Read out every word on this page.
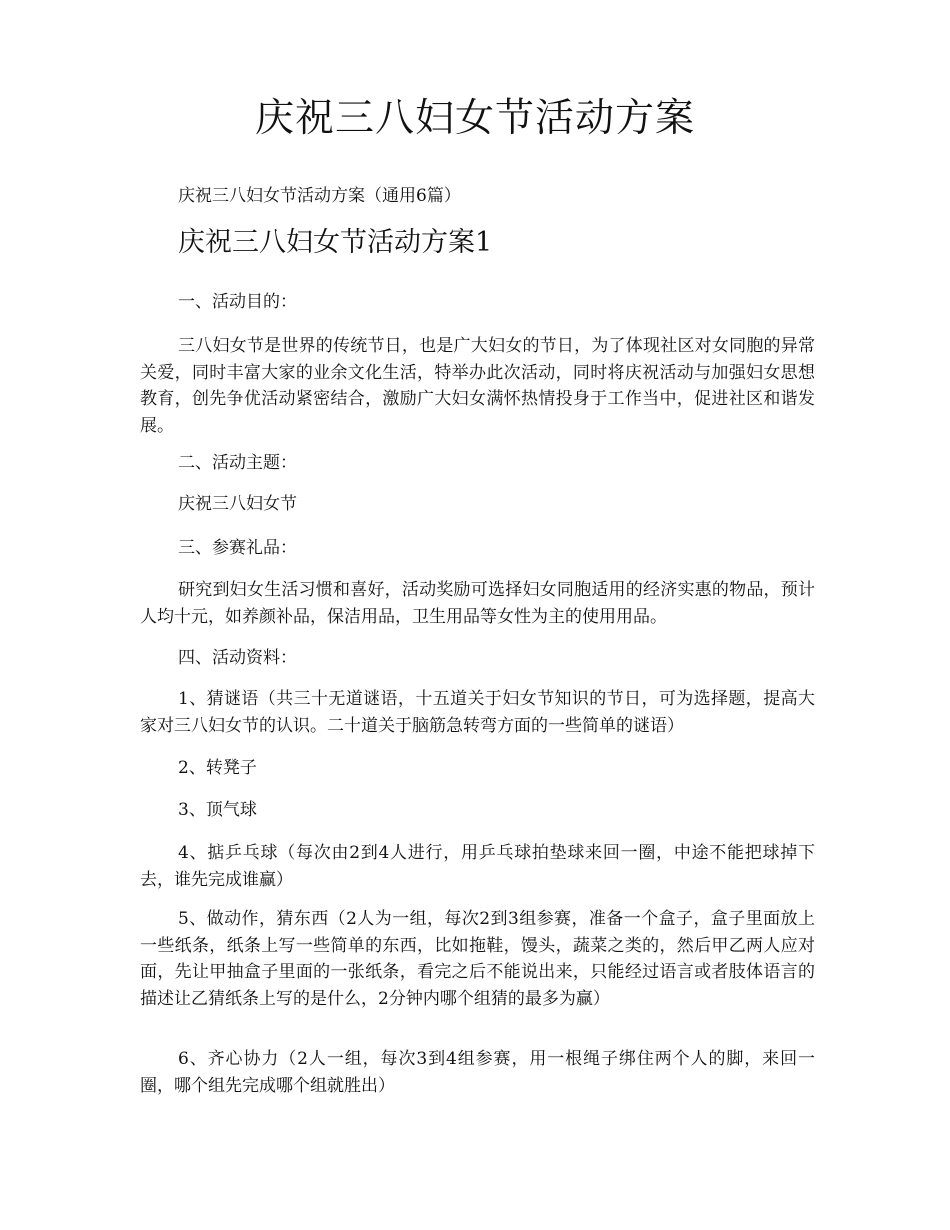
庆祝三八妇女节活动方案

庆祝三八妇女节活动方案（通用6篇）

庆祝三八妇女节活动方案1

一、活动目的：

三八妇女节是世界的传统节日，也是广大妇女的节日，为了体现社区对女同胞的异常关爱，同时丰富大家的业余文化生活，特举办此次活动，同时将庆祝活动与加强妇女思想教育，创先争优活动紧密结合，激励广大妇女满怀热情投身于工作当中，促进社区和谐发展。

二、活动主题：

庆祝三八妇女节

三、参赛礼品：

研究到妇女生活习惯和喜好，活动奖励可选择妇女同胞适用的经济实惠的物品，预计人均十元，如养颜补品，保洁用品，卫生用品等女性为主的使用用品。

四、活动资料：

1、猜谜语（共三十无道谜语，十五道关于妇女节知识的节日，可为选择题，提高大家对三八妇女节的认识。二十道关于脑筋急转弯方面的一些简单的谜语）

2、转凳子

3、顶气球

4、掂乒乓球（每次由2到4人进行，用乒乓球拍垫球来回一圈，中途不能把球掉下去，谁先完成谁赢）

5、做动作，猜东西（2人为一组，每次2到3组参赛，准备一个盒子，盒子里面放上一些纸条，纸条上写一些简单的东西，比如拖鞋，馒头，蔬菜之类的，然后甲乙两人应对面，先让甲抽盒子里面的一张纸条，看完之后不能说出来，只能经过语言或者肢体语言的描述让乙猜纸条上写的是什么，2分钟内哪个组猜的最多为赢）

6、齐心协力（2人一组，每次3到4组参赛，用一根绳子绑住两个人的脚，来回一圈，哪个组先完成哪个组就胜出）
